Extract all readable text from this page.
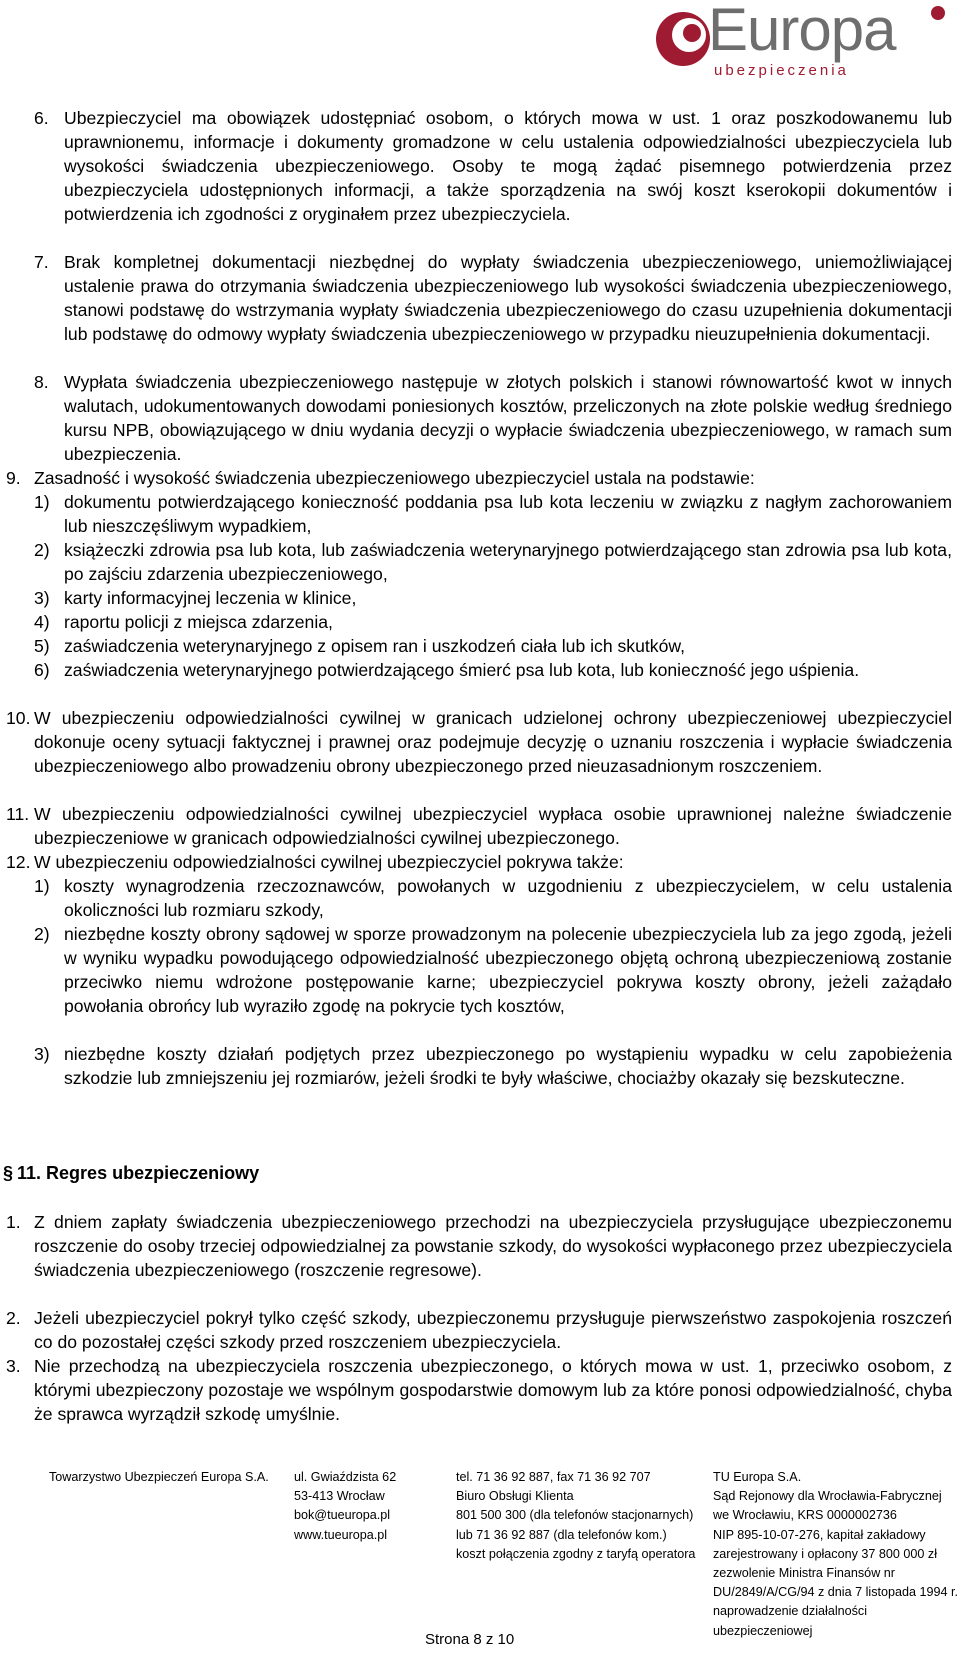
Europa
ubezpieczenia

6. Ubezpieczyciel ma obowiązek udostępniać osobom, o których mowa w ust. 1 oraz poszkodowanemu lub uprawnionemu, informacje i dokumenty gromadzone w celu ustalenia odpowiedzialności ubezpieczyciela lub wysokości świadczenia ubezpieczeniowego. Osoby te mogą żądać pisemnego potwierdzenia przez ubezpieczyciela udostępnionych informacji, a także sporządzenia na swój koszt kserokopii dokumentów i potwierdzenia ich zgodności z oryginałem przez ubezpieczyciela.

7. Brak kompletnej dokumentacji niezbędnej do wypłaty świadczenia ubezpieczeniowego, uniemożliwiającej ustalenie prawa do otrzymania świadczenia ubezpieczeniowego lub wysokości świadczenia ubezpieczeniowego, stanowi podstawę do wstrzymania wypłaty świadczenia ubezpieczeniowego do czasu uzupełnienia dokumentacji lub podstawę do odmowy wypłaty świadczenia ubezpieczeniowego w przypadku nieuzupełnienia dokumentacji.

8. Wypłata świadczenia ubezpieczeniowego następuje w złotych polskich i stanowi równowartość kwot w innych walutach, udokumentowanych dowodami poniesionych kosztów, przeliczonych na złote polskie według średniego kursu NPB, obowiązującego w dniu wydania decyzji o wypłacie świadczenia ubezpieczeniowego, w ramach sum ubezpieczenia.

9. Zasadność i wysokość świadczenia ubezpieczeniowego ubezpieczyciel ustala na podstawie:

1) dokumentu potwierdzającego konieczność poddania psa lub kota leczeniu w związku z nagłym zachorowaniem lub nieszczęśliwym wypadkiem,

2) książeczki zdrowia psa lub kota, lub zaświadczenia weterynaryjnego potwierdzającego stan zdrowia psa lub kota, po zajściu zdarzenia ubezpieczeniowego,

3) karty informacyjnej leczenia w klinice,

4) raportu policji z miejsca zdarzenia,

5) zaświadczenia weterynaryjnego z opisem ran i uszkodzeń ciała lub ich skutków,

6) zaświadczenia weterynaryjnego potwierdzającego śmierć psa lub kota, lub konieczność jego uśpienia.

10. W ubezpieczeniu odpowiedzialności cywilnej w granicach udzielonej ochrony ubezpieczeniowej ubezpieczyciel dokonuje oceny sytuacji faktycznej i prawnej oraz podejmuje decyzję o uznaniu roszczenia i wypłacie świadczenia ubezpieczeniowego albo prowadzeniu obrony ubezpieczonego przed nieuzasadnionym roszczeniem.

11. W ubezpieczeniu odpowiedzialności cywilnej ubezpieczyciel wypłaca osobie uprawnionej należne świadczenie ubezpieczeniowe w granicach odpowiedzialności cywilnej ubezpieczonego.

12. W ubezpieczeniu odpowiedzialności cywilnej ubezpieczyciel pokrywa także:

1) koszty wynagrodzenia rzeczoznawców, powołanych w uzgodnieniu z ubezpieczycielem, w celu ustalenia okoliczności lub rozmiaru szkody,

2) niezbędne koszty obrony sądowej w sporze prowadzonym na polecenie ubezpieczyciela lub za jego zgodą, jeżeli w wyniku wypadku powodującego odpowiedzialność ubezpieczonego objętą ochroną ubezpieczeniową zostanie przeciwko niemu wdrożone postępowanie karne; ubezpieczyciel pokrywa koszty obrony, jeżeli zażądało powołania obrońcy lub wyraziło zgodę na pokrycie tych kosztów,

3) niezbędne koszty działań podjętych przez ubezpieczonego po wystąpieniu wypadku w celu zapobieżenia szkodzie lub zmniejszeniu jej rozmiarów, jeżeli środki te były właściwe, chociażby okazały się bezskuteczne.

§ 11. Regres ubezpieczeniowy

1. Z dniem zapłaty świadczenia ubezpieczeniowego przechodzi na ubezpieczyciela przysługujące ubezpieczonemu roszczenie do osoby trzeciej odpowiedzialnej za powstanie szkody, do wysokości wypłaconego przez ubezpieczyciela świadczenia ubezpieczeniowego (roszczenie regresowe).

2. Jeżeli ubezpieczyciel pokrył tylko część szkody, ubezpieczonemu przysługuje pierwszeństwo zaspokojenia roszczeń co do pozostałej części szkody przed roszczeniem ubezpieczyciela.

3. Nie przechodzą na ubezpieczyciela roszczenia ubezpieczonego, o których mowa w ust. 1, przeciwko osobom, z którymi ubezpieczony pozostaje we wspólnym gospodarstwie domowym lub za które ponosi odpowiedzialność, chyba że sprawca wyrządził szkodę umyślnie.

Towarzystwo Ubezpieczeń Europa S.A. ul. Gwiaździsta 62
53-413 Wrocław
bok@tueuropa.pl
www.tueuropa.pl
tel. 71 36 92 887, fax 71 36 92 707
Biuro Obsługi Klienta
801 500 300 (dla telefonów stacjonarnych)
lub 71 36 92 887 (dla telefonów kom.)
koszt połączenia zgodny z taryfą operatora
TU Europa S.A.
Sąd Rejonowy dla Wrocławia-Fabrycznej
we Wrocławiu, KRS 0000002736
NIP 895-10-07-276, kapitał zakładowy
zarejestrowany i opłacony 37 800 000 zł
zezwolenie Ministra Finansów nr
DU/2849/A/CG/94 z dnia 7 listopada 1994 r.
naprowadzenie działalności
ubezpieczeniowej
Strona 8 z 10
